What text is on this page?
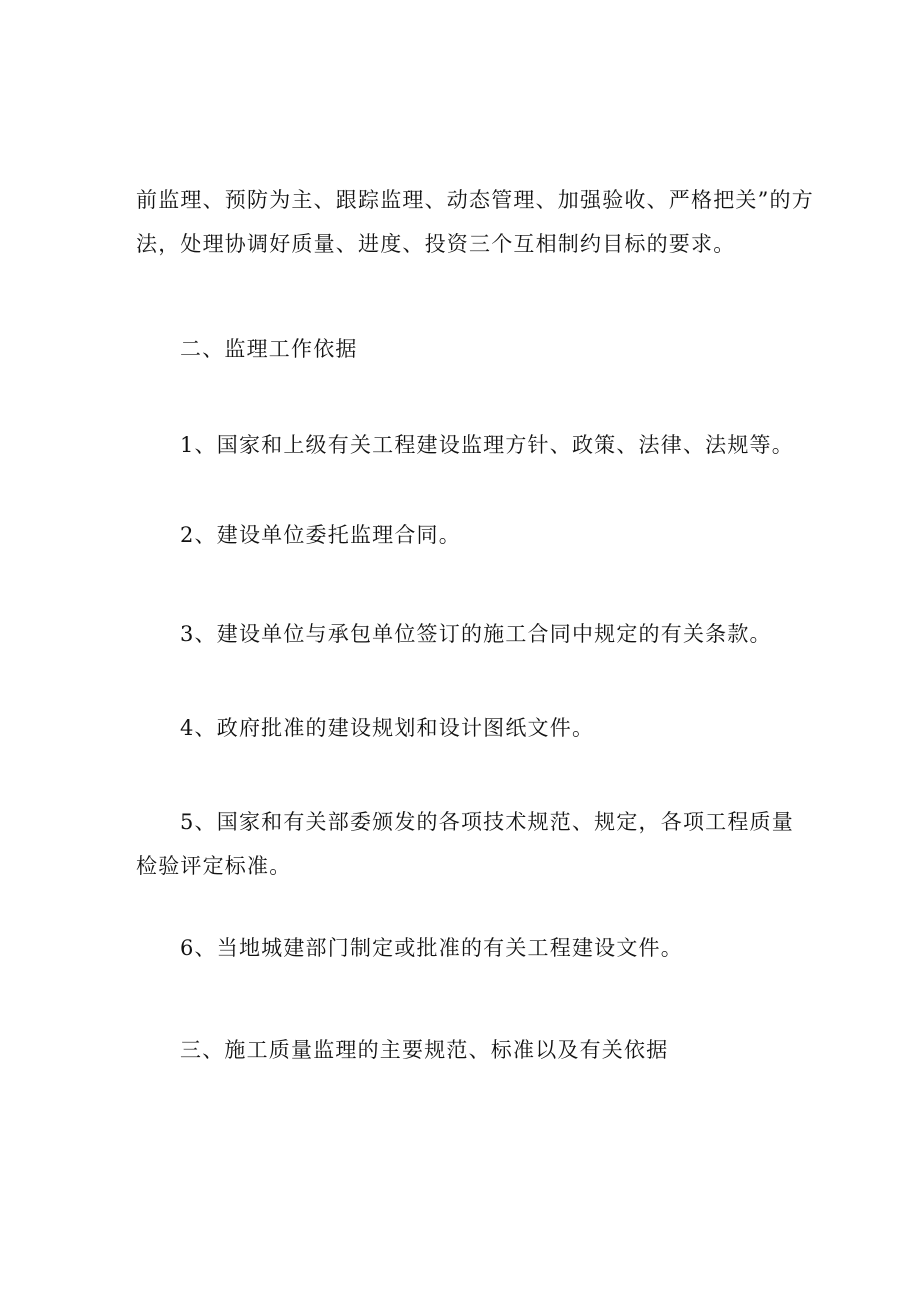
前监理、预防为主、跟踪监理、动态管理、加强验收、严格把关”的方法，处理协调好质量、进度、投资三个互相制约目标的要求。

二、监理工作依据

1、国家和上级有关工程建设监理方针、政策、法律、法规等。

2、建设单位委托监理合同。

3、建设单位与承包单位签订的施工合同中规定的有关条款。

4、政府批准的建设规划和设计图纸文件。

5、国家和有关部委颁发的各项技术规范、规定，各项工程质量检验评定标准。

6、当地城建部门制定或批准的有关工程建设文件。

三、施工质量监理的主要规范、标准以及有关依据
